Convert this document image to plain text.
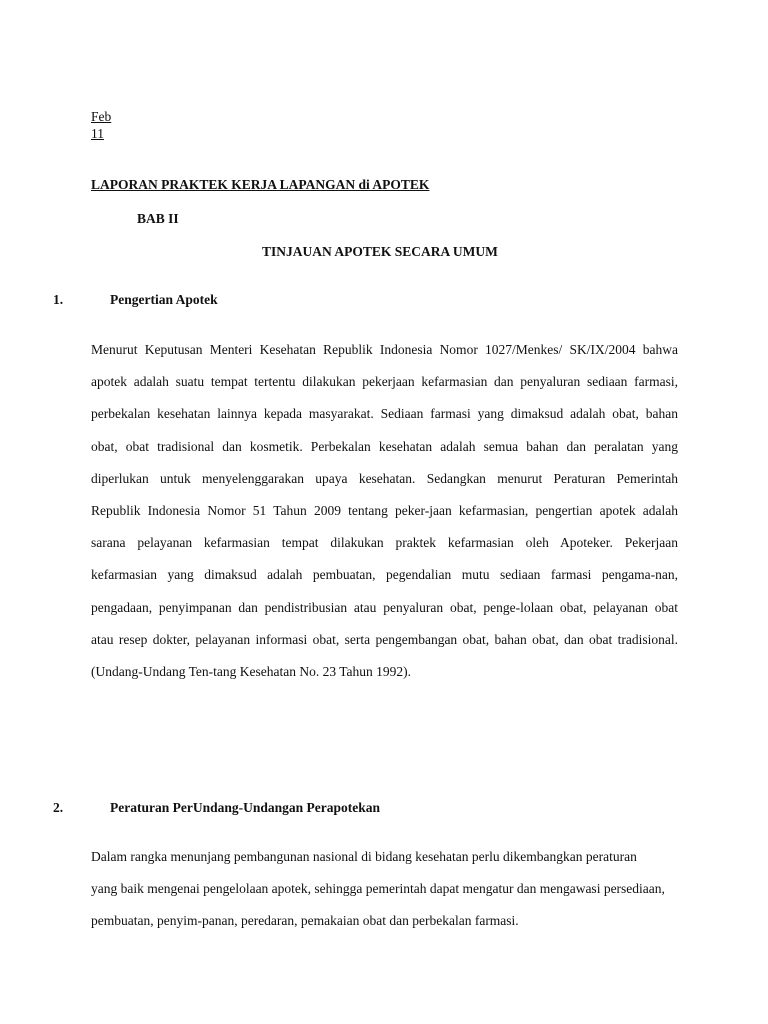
Feb
11
LAPORAN PRAKTEK KERJA LAPANGAN di APOTEK
BAB II
TINJAUAN APOTEK SECARA UMUM
1.	Pengertian Apotek
Menurut Keputusan Menteri Kesehatan Republik Indonesia Nomor 1027/Menkes/ SK/IX/2004 bahwa
apotek adalah suatu tempat tertentu dilakukan pekerjaan kefarmasian dan penyaluran sediaan farmasi,
perbekalan kesehatan lainnya kepada masyarakat. Sediaan farmasi yang dimaksud adalah obat, bahan
obat, obat tradisional dan kosmetik. Perbekalan kesehatan adalah semua bahan dan peralatan yang
diperlukan untuk menyelenggarakan upaya kesehatan. Sedangkan menurut Peraturan Pemerintah
Republik Indonesia Nomor 51 Tahun 2009 tentang peker-jaan kefarmasian, pengertian apotek adalah
sarana pelayanan kefarmasian tempat dilakukan praktek kefarmasian oleh Apoteker. Pekerjaan
kefarmasian yang dimaksud adalah pembuatan, pegendalian mutu sediaan farmasi pengama-nan,
pengadaan, penyimpanan dan pendistribusian atau penyaluran obat, penge-lolaan obat, pelayanan obat
atau resep dokter, pelayanan informasi obat, serta pengembangan obat, bahan obat, dan obat tradisional.
(Undang-Undang Ten-tang Kesehatan No. 23 Tahun 1992).
2.	Peraturan PerUndang-Undangan Perapotekan
Dalam rangka menunjang pembangunan nasional di bidang kesehatan perlu dikembangkan peraturan
yang baik mengenai pengelolaan apotek, sehingga pemerintah dapat mengatur dan mengawasi persediaan,
pembuatan, penyim-panan, peredaran, pemakaian obat dan perbekalan farmasi.
